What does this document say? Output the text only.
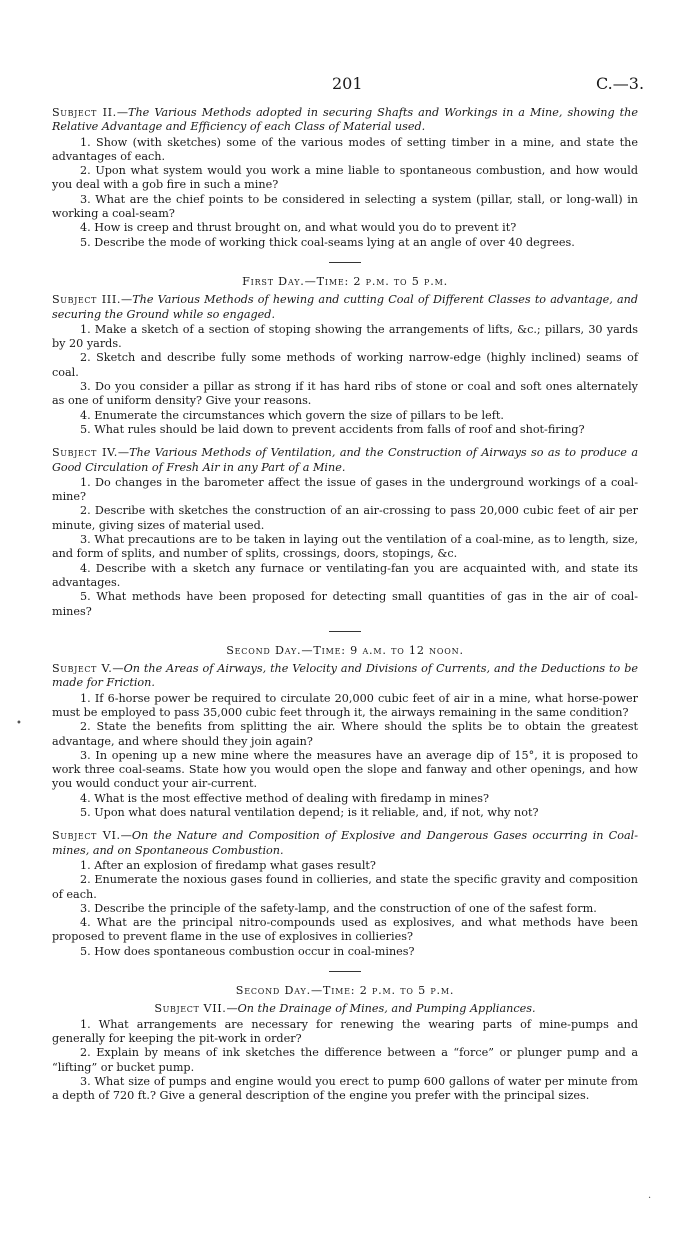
201	C.—3.

Subject II.—The Various Methods adopted in securing Shafts and Workings in a Mine, showing the Relative Advantage and Efficiency of each Class of Material used.

1. Show (with sketches) some of the various modes of setting timber in a mine, and state the advantages of each.

2. Upon what system would you work a mine liable to spontaneous combustion, and how would you deal with a gob fire in such a mine?

3. What are the chief points to be considered in selecting a system (pillar, stall, or long-wall) in working a coal-seam?

4. How is creep and thrust brought on, and what would you do to prevent it?

5. Describe the mode of working thick coal-seams lying at an angle of over 40 degrees.

First Day.—Time: 2 p.m. to 5 p.m.

Subject III.—The Various Methods of hewing and cutting Coal of Different Classes to advantage, and securing the Ground while so engaged.

1. Make a sketch of a section of stoping showing the arrangements of lifts, &c.; pillars, 30 yards by 20 yards.

2. Sketch and describe fully some methods of working narrow-edge (highly inclined) seams of coal.

3. Do you consider a pillar as strong if it has hard ribs of stone or coal and soft ones alternately as one of uniform density? Give your reasons.

4. Enumerate the circumstances which govern the size of pillars to be left.

5. What rules should be laid down to prevent accidents from falls of roof and shot-firing?

Subject IV.—The Various Methods of Ventilation, and the Construction of Airways so as to produce a Good Circulation of Fresh Air in any Part of a Mine.

1. Do changes in the barometer affect the issue of gases in the underground workings of a coal-mine?

2. Describe with sketches the construction of an air-crossing to pass 20,000 cubic feet of air per minute, giving sizes of material used.

3. What precautions are to be taken in laying out the ventilation of a coal-mine, as to length, size, and form of splits, and number of splits, crossings, doors, stopings, &c.

4. Describe with a sketch any furnace or ventilating-fan you are acquainted with, and state its advantages.

5. What methods have been proposed for detecting small quantities of gas in the air of coal-mines?

Second Day.—Time: 9 a.m. to 12 noon.

Subject V.—On the Areas of Airways, the Velocity and Divisions of Currents, and the Deductions to be made for Friction.

1. If 6-horse power be required to circulate 20,000 cubic feet of air in a mine, what horse-power must be employed to pass 35,000 cubic feet through it, the airways remaining in the same condition?

2. State the benefits from splitting the air. Where should the splits be to obtain the greatest advantage, and where should they join again?

3. In opening up a new mine where the measures have an average dip of 15°, it is proposed to work three coal-seams. State how you would open the slope and fanway and other openings, and how you would conduct your air-current.

4. What is the most effective method of dealing with firedamp in mines?

5. Upon what does natural ventilation depend; is it reliable, and, if not, why not?

Subject VI.—On the Nature and Composition of Explosive and Dangerous Gases occurring in Coal-mines, and on Spontaneous Combustion.

1. After an explosion of firedamp what gases result?

2. Enumerate the noxious gases found in collieries, and state the specific gravity and composition of each.

3. Describe the principle of the safety-lamp, and the construction of one of the safest form.

4. What are the principal nitro-compounds used as explosives, and what methods have been proposed to prevent flame in the use of explosives in collieries?

5. How does spontaneous combustion occur in coal-mines?

Second Day.—Time: 2 p.m. to 5 p.m.

Subject VII.—On the Drainage of Mines, and Pumping Appliances.

1. What arrangements are necessary for renewing the wearing parts of mine-pumps and generally for keeping the pit-work in order?

2. Explain by means of ink sketches the difference between a “force” or plunger pump and a “lifting” or bucket pump.

3. What size of pumps and engine would you erect to pump 600 gallons of water per minute from a depth of 720 ft.? Give a general description of the engine you prefer with the principal sizes.

•
·
